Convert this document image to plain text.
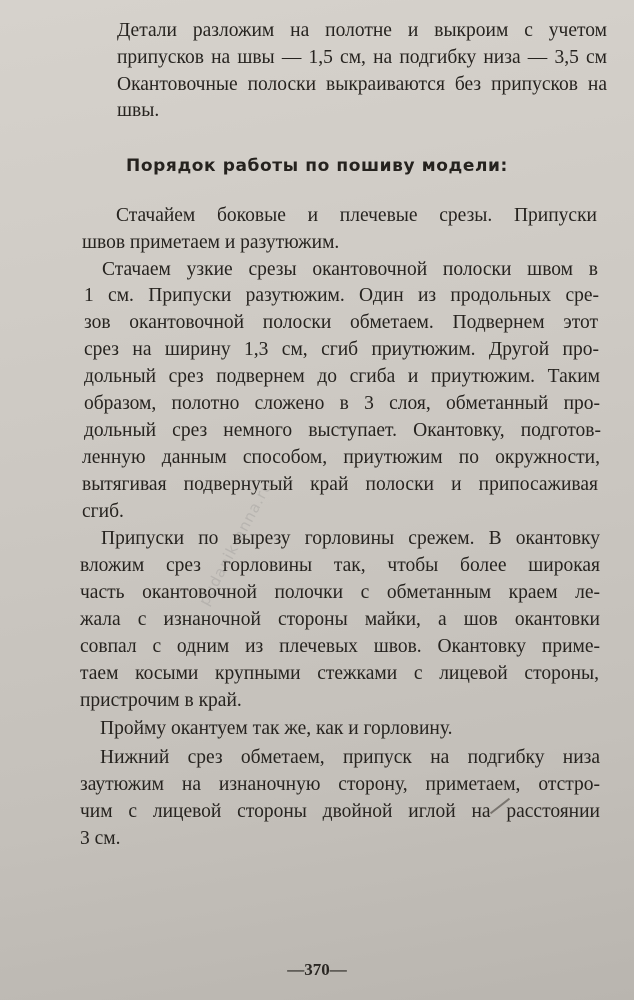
Детали разложим на полотне и выкроим с учетом
припусков на швы — 1,5 см, на подгибку низа — 3,5 см
Окантовочные полоски выкраиваются без припусков на
швы.
Порядок работы по пошиву модели:
Стачайем боковые и плечевые срезы. Припуски
швов приметаем и разутюжим.
Стачаем узкие срезы окантовочной полоски швом в
1 см. Припуски разутюжим. Один из продольных сре-
зов окантовочной полоски обметаем. Подвернем этот
срез на ширину 1,3 см, сгиб приутюжим. Другой про-
дольный срез подвернем до сгиба и приутюжим. Таким
образом, полотно сложено в 3 слоя, обметанный про-
дольный срез немного выступает. Окантовку, подготов-
ленную данным способом, приутюжим по окружности,
вытягивая подвернутый край полоски и припосаживая
сгиб.
Припуски по вырезу горловины срежем. В окантовку
вложим срез горловины так, чтобы более широкая
часть окантовочной полочки с обметанным краем ле-
жала с изнаночной стороны майки, а шов окантовки
совпал с одним из плечевых швов. Окантовку приме-
таем косыми крупными стежками с лицевой стороны,
пристрочим в край.
Пройму окантуем так же, как и горловину.
Нижний срез обметаем, припуск на подгибку низа
заутюжим на изнаночную сторону, приметаем, отстро-
чим с лицевой стороны двойной иглой на расстоянии
3 см.
pudanik-anna.ru
—370—
